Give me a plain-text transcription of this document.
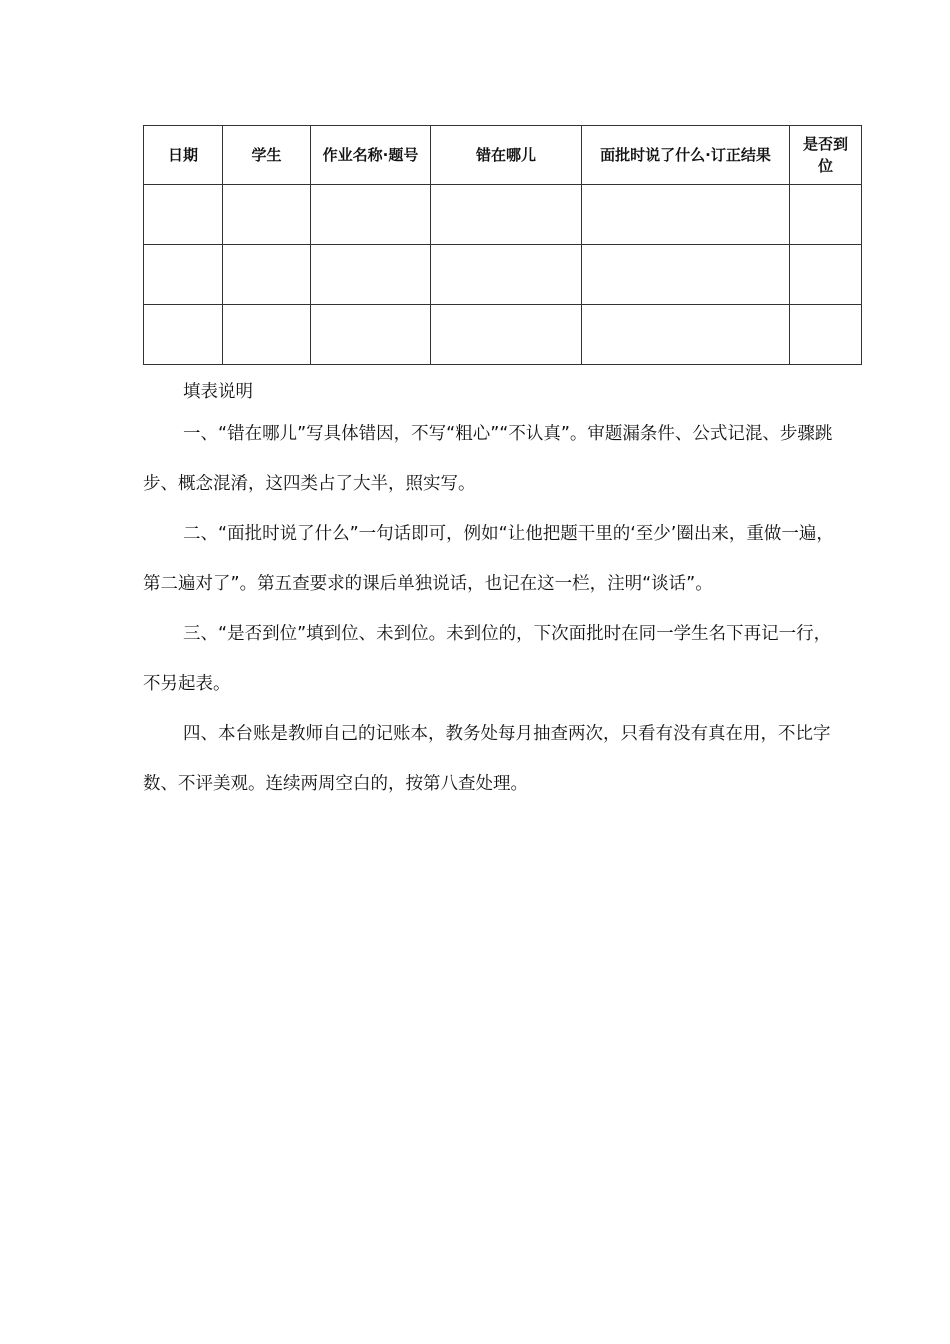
日期	学生	作业名称·题号	错在哪儿	面批时说了什么·订正结果	是否到位

填表说明

一、“错在哪儿”写具体错因，不写“粗心”“不认真”。审题漏条件、公式记混、步骤跳步、概念混淆，这四类占了大半，照实写。

二、“面批时说了什么”一句话即可，例如“让他把题干里的‘至少’圈出来，重做一遍，第二遍对了”。第五查要求的课后单独说话，也记在这一栏，注明“谈话”。

三、“是否到位”填到位、未到位。未到位的，下次面批时在同一学生名下再记一行，不另起表。

四、本台账是教师自己的记账本，教务处每月抽查两次，只看有没有真在用，不比字数、不评美观。连续两周空白的，按第八查处理。
